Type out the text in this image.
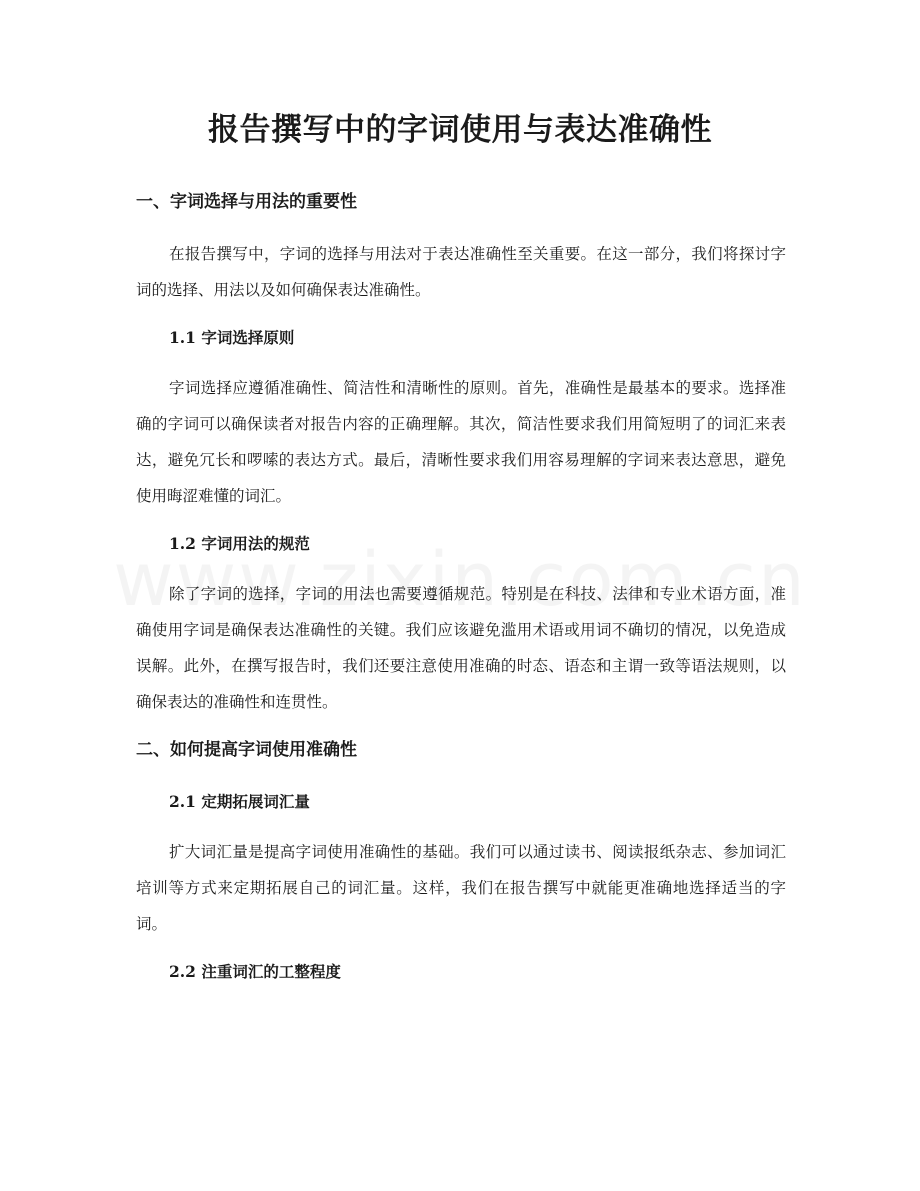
报告撰写中的字词使用与表达准确性
一、字词选择与用法的重要性

在报告撰写中，字词的选择与用法对于表达准确性至关重要。在这一部分，我们将探讨字词的选择、用法以及如何确保表达准确性。

1.1 字词选择原则

字词选择应遵循准确性、简洁性和清晰性的原则。首先，准确性是最基本的要求。选择准确的字词可以确保读者对报告内容的正确理解。其次，简洁性要求我们用简短明了的词汇来表达，避免冗长和啰嗦的表达方式。最后，清晰性要求我们用容易理解的字词来表达意思，避免使用晦涩难懂的词汇。

1.2 字词用法的规范

除了字词的选择，字词的用法也需要遵循规范。特别是在科技、法律和专业术语方面，准确使用字词是确保表达准确性的关键。我们应该避免滥用术语或用词不确切的情况，以免造成误解。此外，在撰写报告时，我们还要注意使用准确的时态、语态和主谓一致等语法规则，以确保表达的准确性和连贯性。

二、如何提高字词使用准确性
2.1 定期拓展词汇量

扩大词汇量是提高字词使用准确性的基础。我们可以通过读书、阅读报纸杂志、参加词汇培训等方式来定期拓展自己的词汇量。这样，我们在报告撰写中就能更准确地选择适当的字词。

2.2 注重词汇的工整程度
